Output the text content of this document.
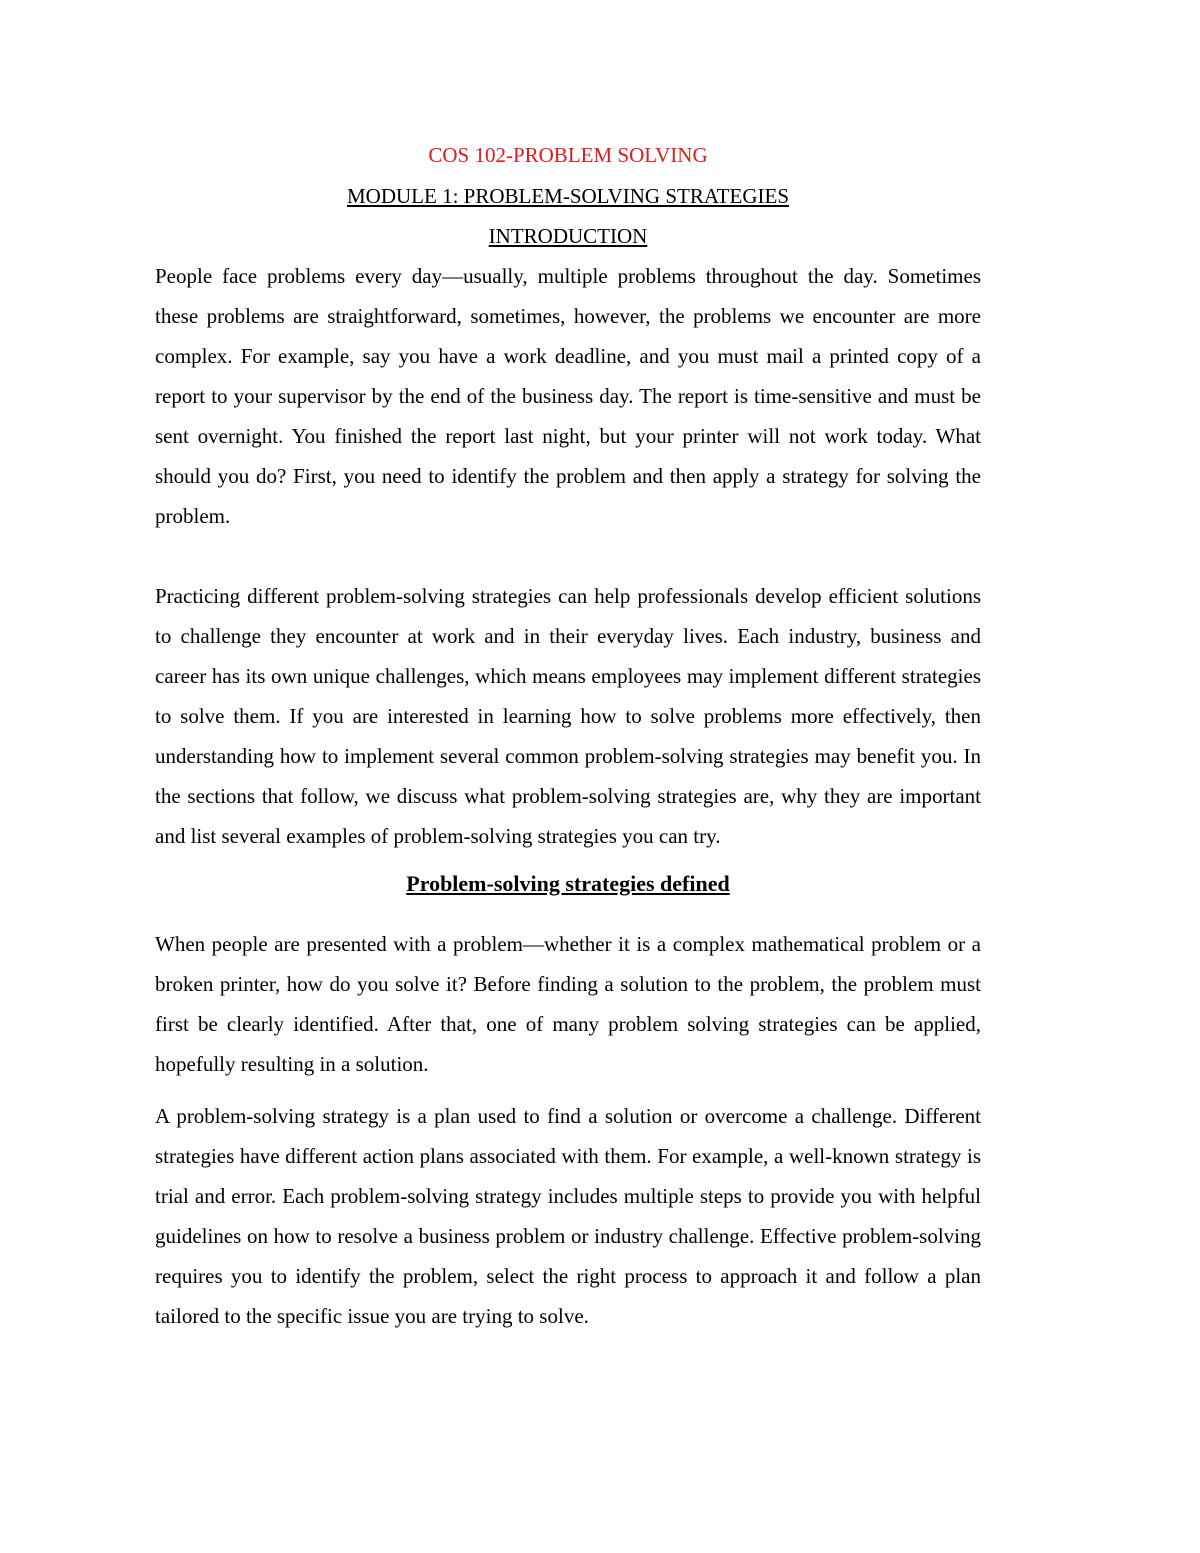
COS 102-PROBLEM SOLVING
MODULE 1: PROBLEM-SOLVING STRATEGIES
INTRODUCTION

People face problems every day—usually, multiple problems throughout the day. Sometimes these problems are straightforward, sometimes, however, the problems we encounter are more complex. For example, say you have a work deadline, and you must mail a printed copy of a report to your supervisor by the end of the business day. The report is time-sensitive and must be sent overnight. You finished the report last night, but your printer will not work today. What should you do? First, you need to identify the problem and then apply a strategy for solving the problem.

Practicing different problem-solving strategies can help professionals develop efficient solutions to challenge they encounter at work and in their everyday lives. Each industry, business and career has its own unique challenges, which means employees may implement different strategies to solve them. If you are interested in learning how to solve problems more effectively, then understanding how to implement several common problem-solving strategies may benefit you. In the sections that follow, we discuss what problem-solving strategies are, why they are important and list several examples of problem-solving strategies you can try.

Problem-solving strategies defined

When people are presented with a problem—whether it is a complex mathematical problem or a broken printer, how do you solve it? Before finding a solution to the problem, the problem must first be clearly identified. After that, one of many problem solving strategies can be applied, hopefully resulting in a solution.

A problem-solving strategy is a plan used to find a solution or overcome a challenge. Different strategies have different action plans associated with them. For example, a well-known strategy is trial and error. Each problem-solving strategy includes multiple steps to provide you with helpful guidelines on how to resolve a business problem or industry challenge. Effective problem-solving requires you to identify the problem, select the right process to approach it and follow a plan tailored to the specific issue you are trying to solve.
